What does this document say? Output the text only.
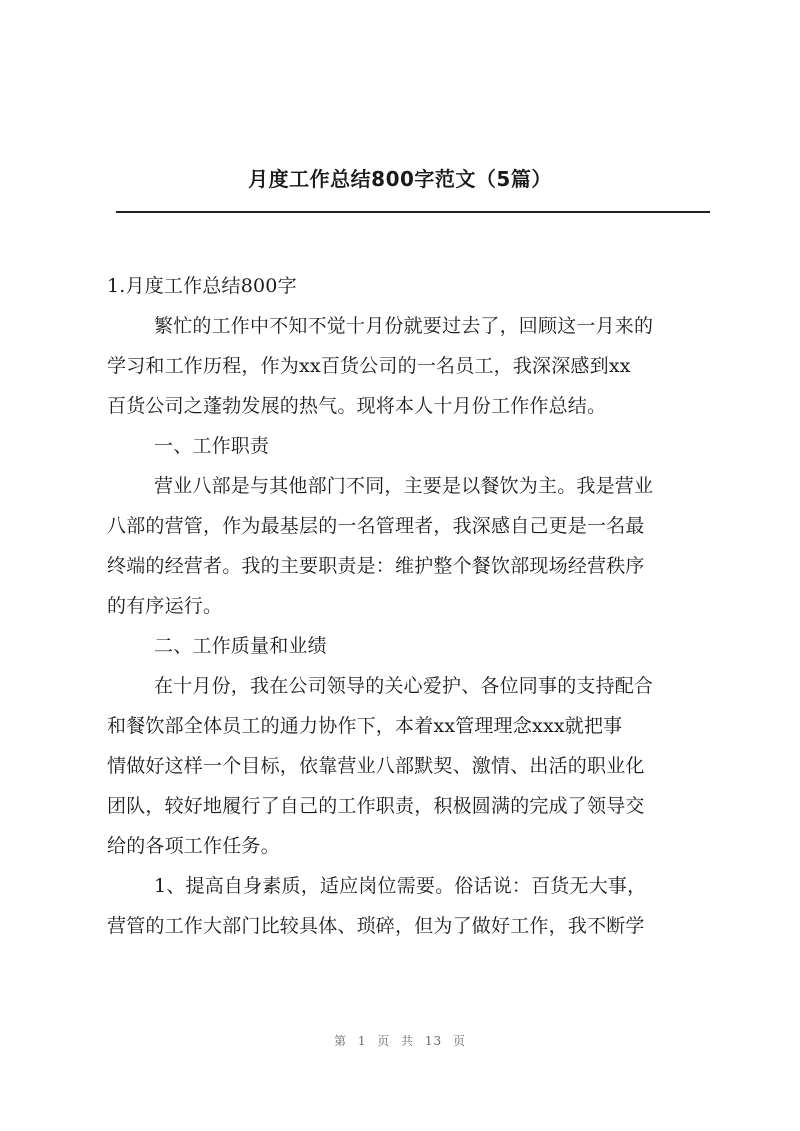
月度工作总结800字范文（5篇）
1.月度工作总结800字
繁忙的工作中不知不觉十月份就要过去了，回顾这一月来的
学习和工作历程，作为xx百货公司的一名员工，我深深感到xx
百货公司之蓬勃发展的热气。现将本人十月份工作作总结。
一、工作职责
营业八部是与其他部门不同，主要是以餐饮为主。我是营业
八部的营管，作为最基层的一名管理者，我深感自己更是一名最
终端的经营者。我的主要职责是：维护整个餐饮部现场经营秩序
的有序运行。
二、工作质量和业绩
在十月份，我在公司领导的关心爱护、各位同事的支持配合
和餐饮部全体员工的通力协作下，本着xx管理理念xxx就把事
情做好这样一个目标，依靠营业八部默契、激情、出活的职业化
团队，较好地履行了自己的工作职责，积极圆满的完成了领导交
给的各项工作任务。
1、提高自身素质，适应岗位需要。俗话说：百货无大事，
营管的工作大部门比较具体、琐碎，但为了做好工作，我不断学
第 1 页 共 13 页
